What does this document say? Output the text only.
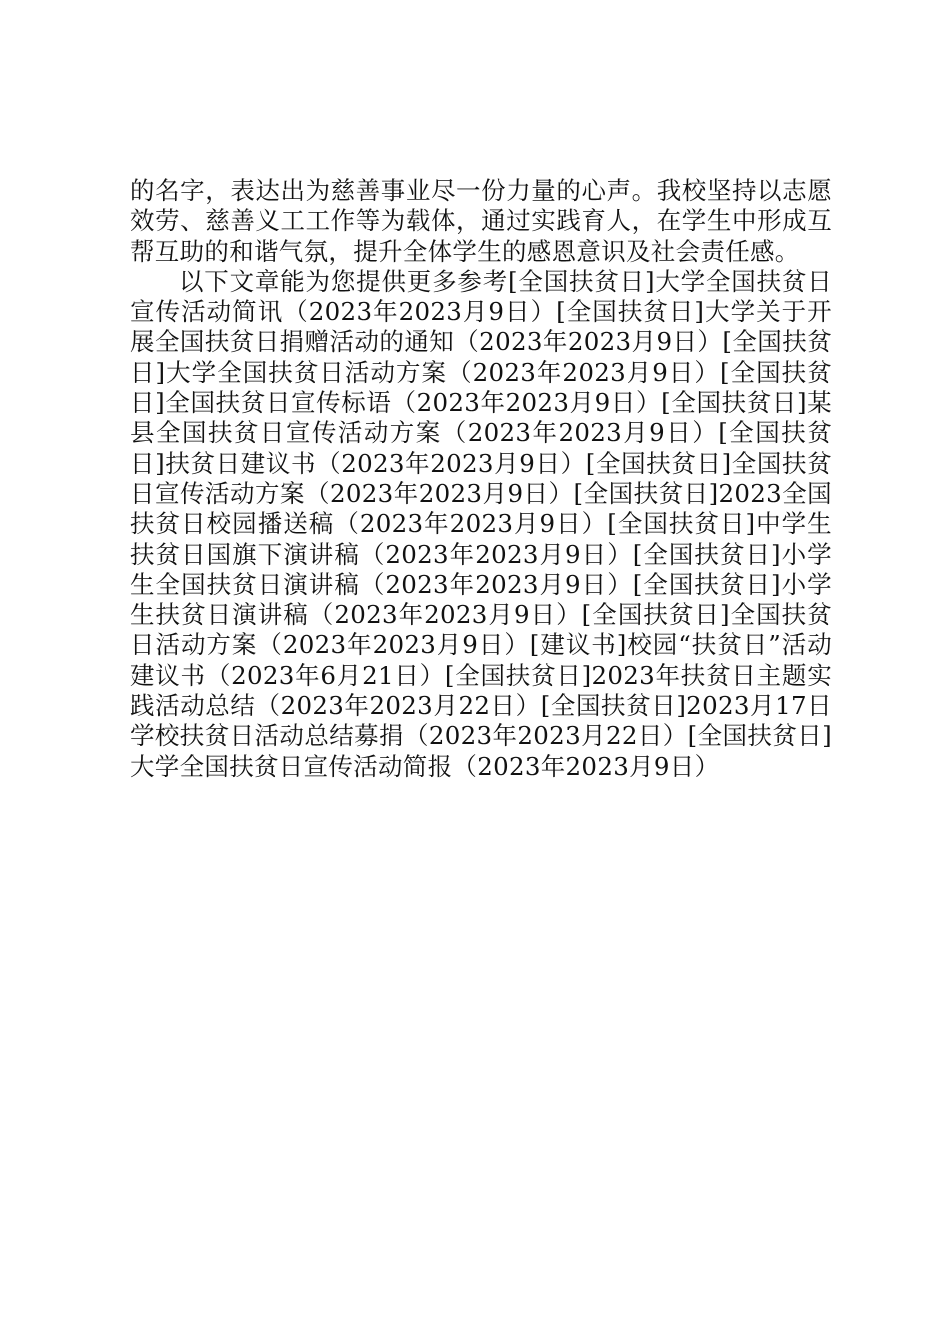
的名字，表达出为慈善事业尽一份力量的心声。我校坚持以志愿效劳、慈善义工工作等为载体，通过实践育人，在学生中形成互帮互助的和谐气氛，提升全体学生的感恩意识及社会责任感。

以下文章能为您提供更多参考[全国扶贫日]大学全国扶贫日宣传活动简讯（2023年2023月9日）[全国扶贫日]大学关于开展全国扶贫日捐赠活动的通知（2023年2023月9日）[全国扶贫日]大学全国扶贫日活动方案（2023年2023月9日）[全国扶贫日]全国扶贫日宣传标语（2023年2023月9日）[全国扶贫日]某县全国扶贫日宣传活动方案（2023年2023月9日）[全国扶贫日]扶贫日建议书（2023年2023月9日）[全国扶贫日]全国扶贫日宣传活动方案（2023年2023月9日）[全国扶贫日]2023全国扶贫日校园播送稿（2023年2023月9日）[全国扶贫日]中学生扶贫日国旗下演讲稿（2023年2023月9日）[全国扶贫日]小学生全国扶贫日演讲稿（2023年2023月9日）[全国扶贫日]小学生扶贫日演讲稿（2023年2023月9日）[全国扶贫日]全国扶贫日活动方案（2023年2023月9日）[建议书]校园“扶贫日”活动建议书（2023年6月21日）[全国扶贫日]2023年扶贫日主题实践活动总结（2023年2023月22日）[全国扶贫日]2023月17日学校扶贫日活动总结募捐（2023年2023月22日）[全国扶贫日]大学全国扶贫日宣传活动简报（2023年2023月9日）
